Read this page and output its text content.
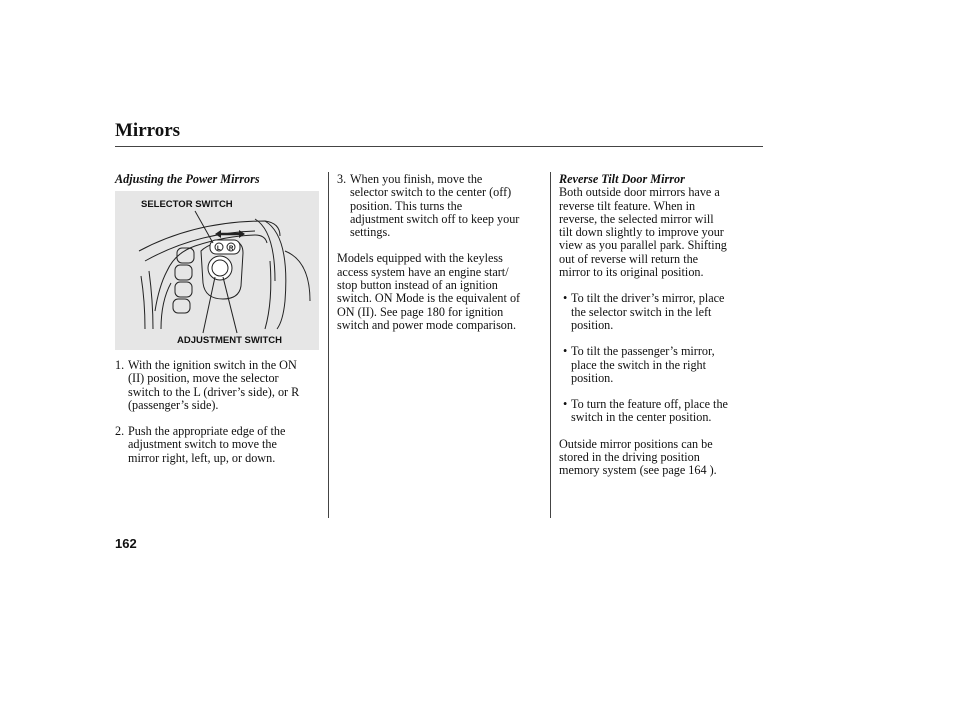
Mirrors
Adjusting the Power Mirrors
L R
SELECTOR SWITCH
ADJUSTMENT SWITCH
1. With the ignition switch in the ON
(II) position, move the selector
switch to the L (driver’s side), or R
(passenger’s side).
2. Push the appropriate edge of the
adjustment switch to move the
mirror right, left, up, or down.
3. When you finish, move the
selector switch to the center (off)
position. This turns the
adjustment switch off to keep your
settings.
Models equipped with the keyless
access system have an engine start/
stop button instead of an ignition
switch. ON Mode is the equivalent of
ON (II). See page 180 for ignition
switch and power mode comparison.
Reverse Tilt Door Mirror
Both outside door mirrors have a
reverse tilt feature. When in
reverse, the selected mirror will
tilt down slightly to improve your
view as you parallel park. Shifting
out of reverse will return the
mirror to its original position.
• To tilt the driver’s mirror, place
the selector switch in the left
position.
• To tilt the passenger’s mirror,
place the switch in the right
position.
• To turn the feature off, place the
switch in the center position.
Outside mirror positions can be
stored in the driving position
memory system (see page 164 ).
162
